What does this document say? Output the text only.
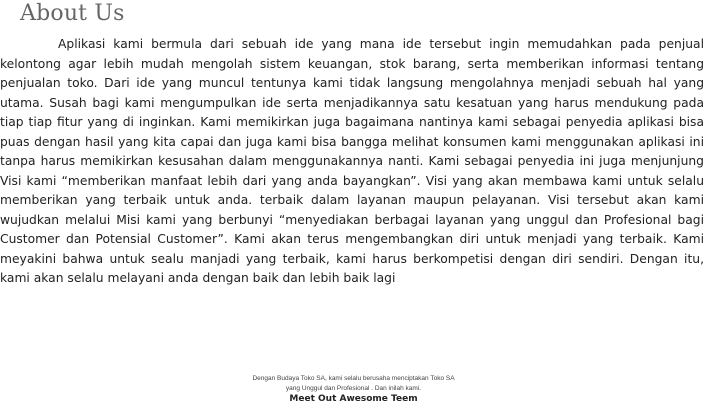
About Us

Aplikasi kami bermula dari sebuah ide yang mana ide tersebut ingin memudahkan pada penjual kelontong agar lebih mudah mengolah sistem keuangan, stok barang, serta memberikan informasi tentang penjualan toko. Dari ide yang muncul tentunya kami tidak langsung mengolahnya menjadi sebuah hal yang utama. Susah bagi kami mengumpulkan ide serta menjadikannya satu kesatuan yang harus mendukung pada tiap tiap fitur yang di inginkan. Kami memikirkan juga bagaimana nantinya kami sebagai penyedia aplikasi bisa puas dengan hasil yang kita capai dan juga kami bisa bangga melihat konsumen kami menggunakan aplikasi ini tanpa harus memikirkan kesusahan dalam menggunakannya nanti. Kami sebagai penyedia ini juga menjunjung Visi kami “memberikan manfaat lebih dari yang anda bayangkan”. Visi yang akan membawa kami untuk selalu memberikan yang terbaik untuk anda. terbaik dalam layanan maupun pelayanan. Visi tersebut akan kami wujudkan melalui Misi kami yang berbunyi “menyediakan berbagai layanan yang unggul dan Profesional bagi Customer dan Potensial Customer”. Kami akan terus mengembangkan diri untuk menjadi yang terbaik. Kami meyakini bahwa untuk sealu manjadi yang terbaik, kami harus berkompetisi dengan diri sendiri. Dengan itu, kami akan selalu melayani anda dengan baik dan lebih baik lagi

Dengan Budaya Toko SA, kami selalu berusaha menciptakan Toko SA
yang Unggul dan Profesional . Dan inilah kami.
Meet Out Awesome Teem
